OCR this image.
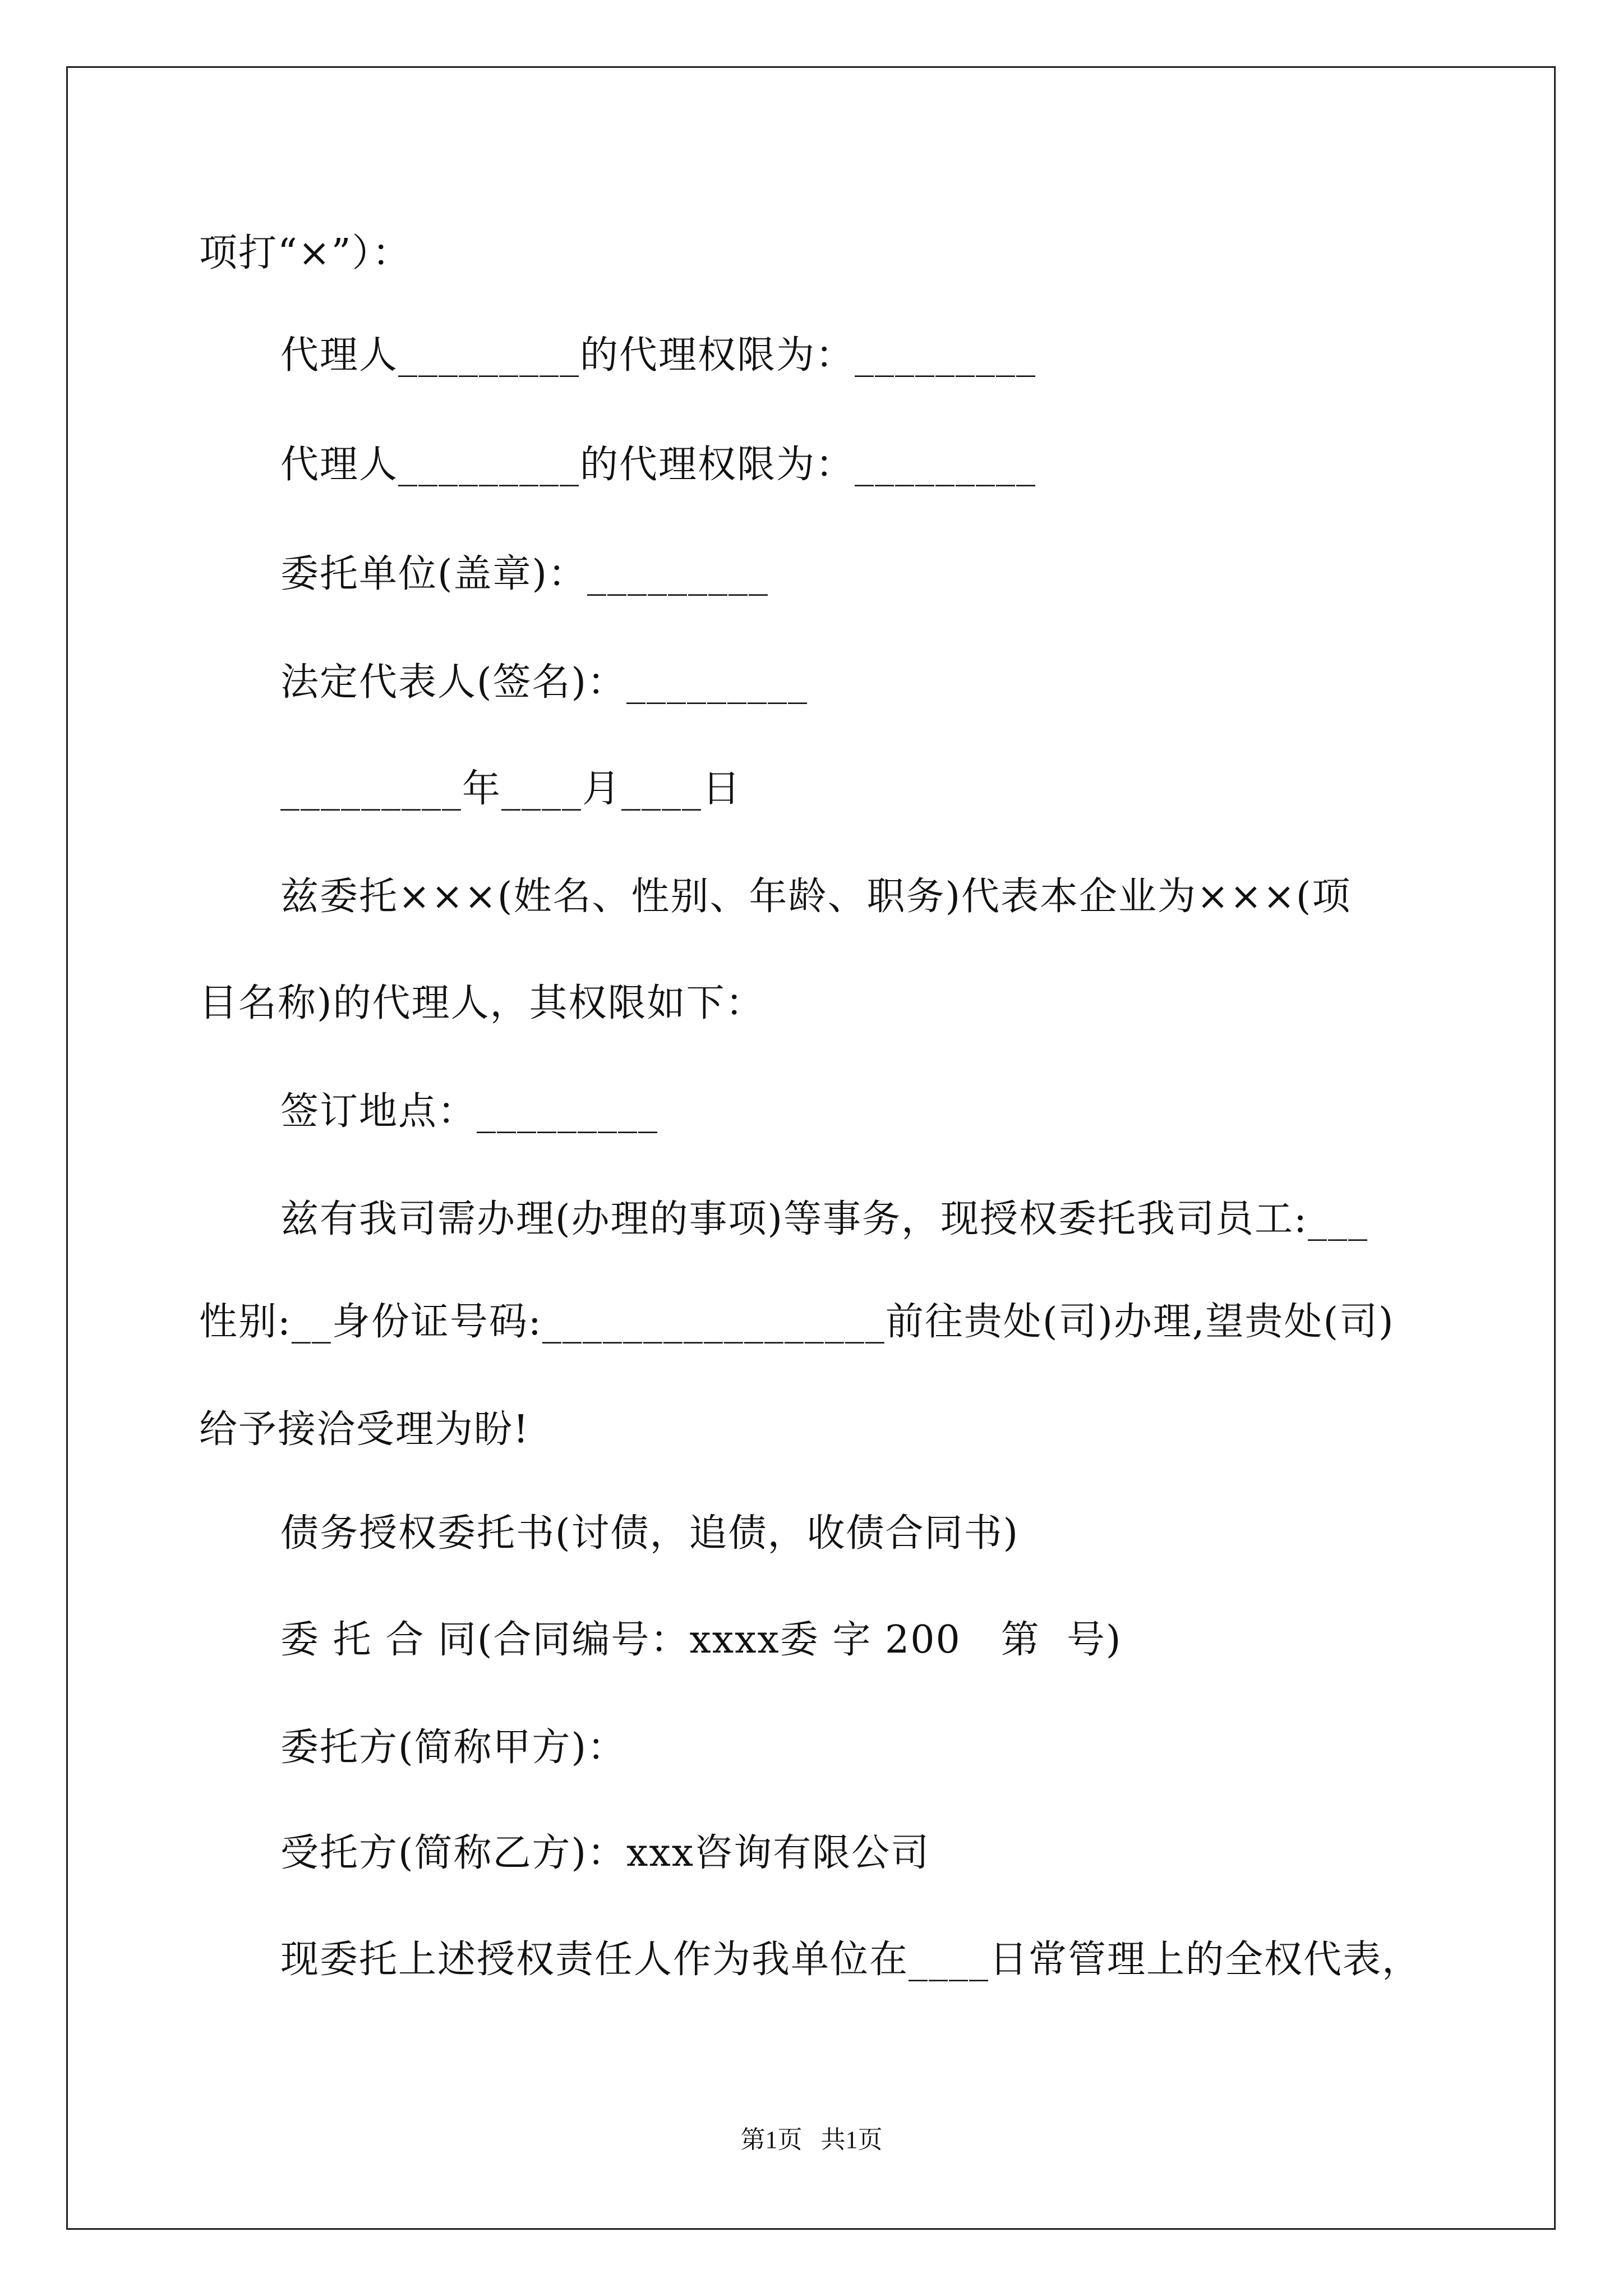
项打“×”）：
代理人_________的代理权限为：_________
代理人_________的代理权限为：_________
委托单位(盖章)：_________
法定代表人(签名)：_________
_________年____月____日
兹委托×××(姓名、性别、年龄、职务)代表本企业为×××(项
目名称)的代理人，其权限如下：
签订地点：_________
兹有我司需办理(办理的事项)等事务，现授权委托我司员工:___
性别:__身份证号码:_________________前往贵处(司)办理,望贵处(司)
给予接洽受理为盼!
债务授权委托书(讨债，追债，收债合同书)
委 托 合 同(合同编号：xxxx委 字 200   第  号)
委托方(简称甲方)：
受托方(简称乙方)：xxx咨询有限公司
现委托上述授权责任人作为我单位在____日常管理上的全权代表，
第1页   共1页
